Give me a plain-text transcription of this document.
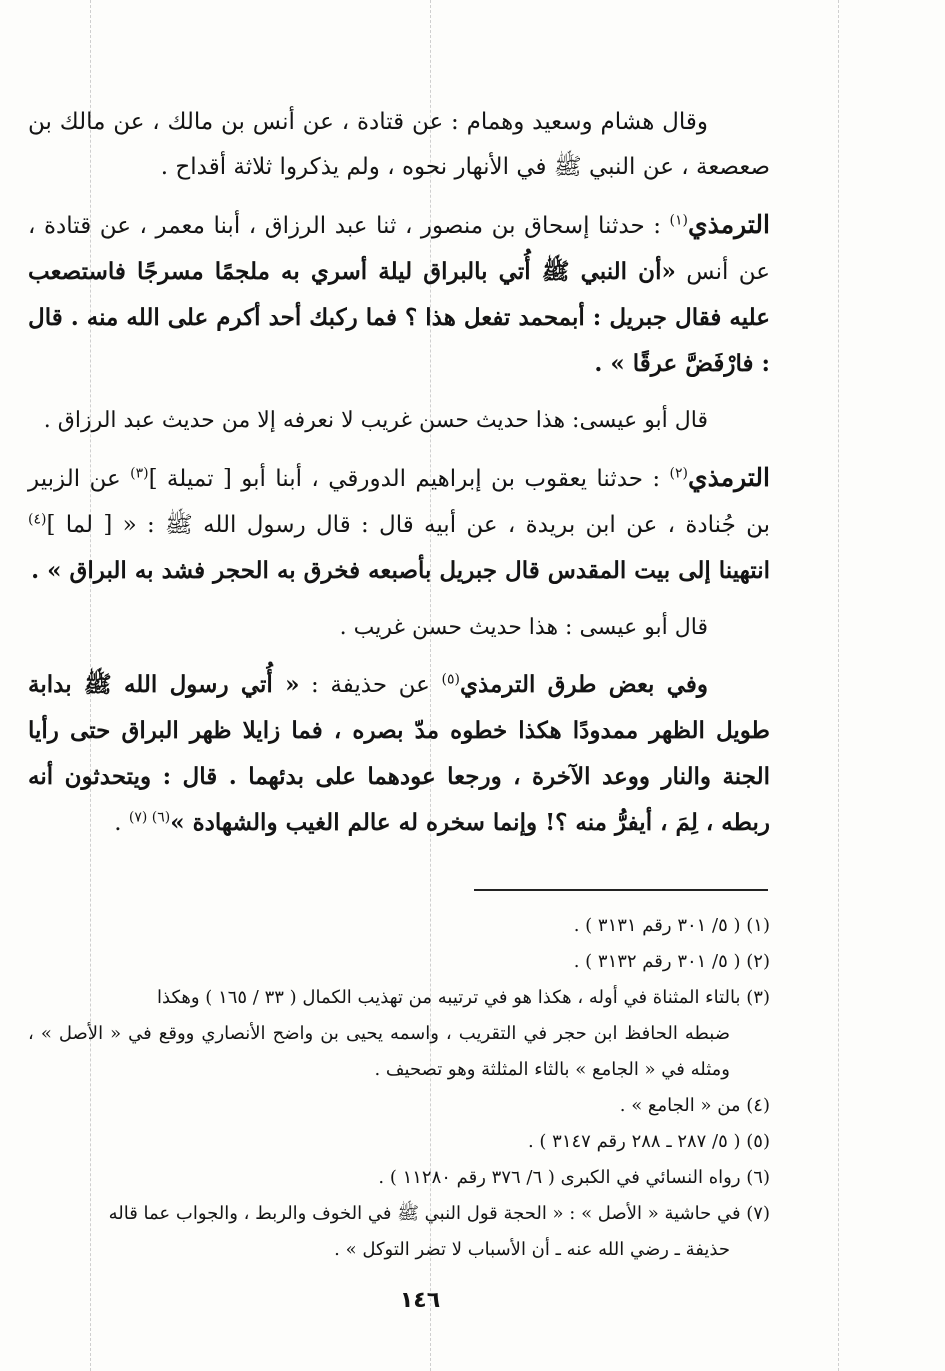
وقال هشام وسعيد وهمام : عن قتادة ، عن أنس بن مالك ، عن مالك بن صعصعة ، عن النبي ﷺ في الأنهار نحوه ، ولم يذكروا ثلاثة أقداح .

الترمذي$^{(١)}$ : حدثنا إسحاق بن منصور ، ثنا عبد الرزاق ، أبنا معمر ، عن قتادة ، عن أنس «أن النبي ﷺ أُتي بالبراق ليلة أسري به ملجمًا مسرجًا فاستصعب عليه فقال جبريل : أبمحمد تفعل هذا ؟ فما ركبك أحد أكرم على الله منه . قال : فارْفَضَّ عرقًا » .

قال أبو عيسى: هذا حديث حسن غريب لا نعرفه إلا من حديث عبد الرزاق .

الترمذي$^{(٢)}$ : حدثنا يعقوب بن إبراهيم الدورقي ، أبنا أبو [ تميلة ]$^{(٣)}$ عن الزبير بن جُنادة ، عن ابن بريدة ، عن أبيه قال : قال رسول الله ﷺ : « [ لما ]$^{(٤)}$ انتهينا إلى بيت المقدس قال جبريل بأصبعه فخرق به الحجر فشد به البراق » .

قال أبو عيسى : هذا حديث حسن غريب .

وفي بعض طرق الترمذي$^{(٥)}$ عن حذيفة : « أُتي رسول الله ﷺ بدابة طويل الظهر ممدودًا هكذا خطوه مدّ بصره ، فما زايلا ظهر البراق حتى رأيا الجنة والنار ووعد الآخرة ، ورجعا عودهما على بدئهما . قال : ويتحدثون أنه ربطه ، لِمَ ، أيفرُّ منه ؟! وإنما سخره له عالم الغيب والشهادة »$^{(٦) (٧)}$ .

(١) ( ٥/ ٣٠١ رقم ٣١٣١ ) .

(٢) ( ٥/ ٣٠١ رقم ٣١٣٢ ) .

(٣) بالتاء المثناة في أوله ، هكذا هو في ترتيبه من تهذيب الكمال ( ٣٣ / ١٦٥ ) وهكذا
ضبطه الحافظ ابن حجر في التقريب ، واسمه يحيى بن واضح الأنصاري ووقع في « الأصل » ، ومثله في « الجامع » بالثاء المثلثة وهو تصحيف .

(٤) من « الجامع » .

(٥) ( ٥/ ٢٨٧ ـ ٢٨٨ رقم ٣١٤٧ ) .

(٦) رواه النسائي في الكبرى ( ٦/ ٣٧٦ رقم ١١٢٨٠ ) .

(٧) في حاشية « الأصل » : « الحجة قول النبي ﷺ في الخوف والربط ، والجواب عما قاله
حذيفة ـ رضي الله عنه ـ أن الأسباب لا تضر التوكل » .

١٤٦
